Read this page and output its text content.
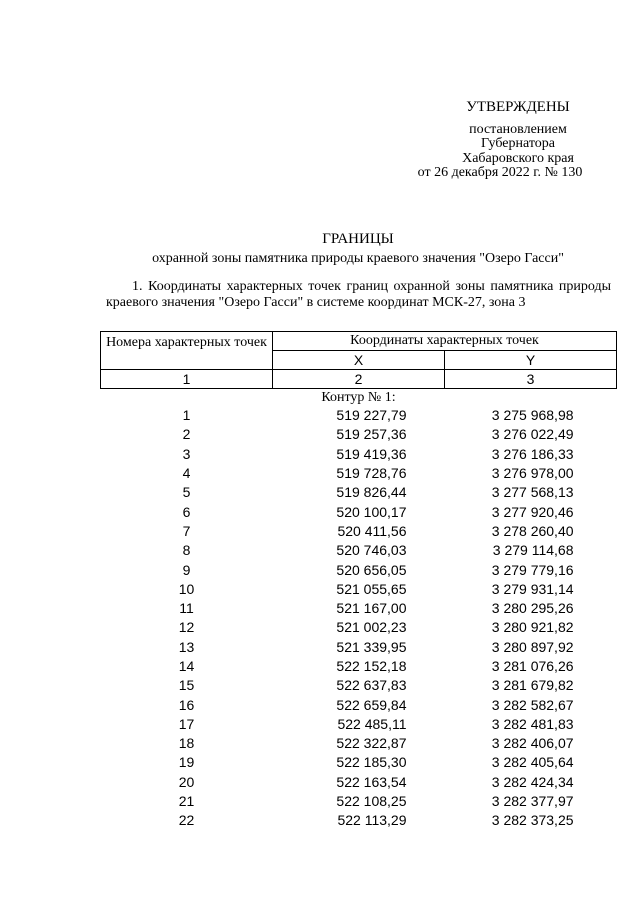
УТВЕРЖДЕНЫ
постановлением
Губернатора
Хабаровского края
от 26 декабря 2022 г. № 130
ГРАНИЦЫ
охранной зоны памятника природы краевого значения "Озеро Гасси"
1. Координаты характерных точек границ охранной зоны памятника природы краевого значения "Озеро Гасси" в системе координат МСК-27, зона 3
Номера характерных точек	Координаты характерных точек	
	X	Y
1	2	3
Контур № 1:		
1	519 227,79	3 275 968,98
2	519 257,36	3 276 022,49
3	519 419,36	3 276 186,33
4	519 728,76	3 276 978,00
5	519 826,44	3 277 568,13
6	520 100,17	3 277 920,46
7	520 411,56	3 278 260,40
8	520 746,03	3 279 114,68
9	520 656,05	3 279 779,16
10	521 055,65	3 279 931,14
11	521 167,00	3 280 295,26
12	521 002,23	3 280 921,82
13	521 339,95	3 280 897,92
14	522 152,18	3 281 076,26
15	522 637,83	3 281 679,82
16	522 659,84	3 282 582,67
17	522 485,11	3 282 481,83
18	522 322,87	3 282 406,07
19	522 185,30	3 282 405,64
20	522 163,54	3 282 424,34
21	522 108,25	3 282 377,97
22	522 113,29	3 282 373,25
